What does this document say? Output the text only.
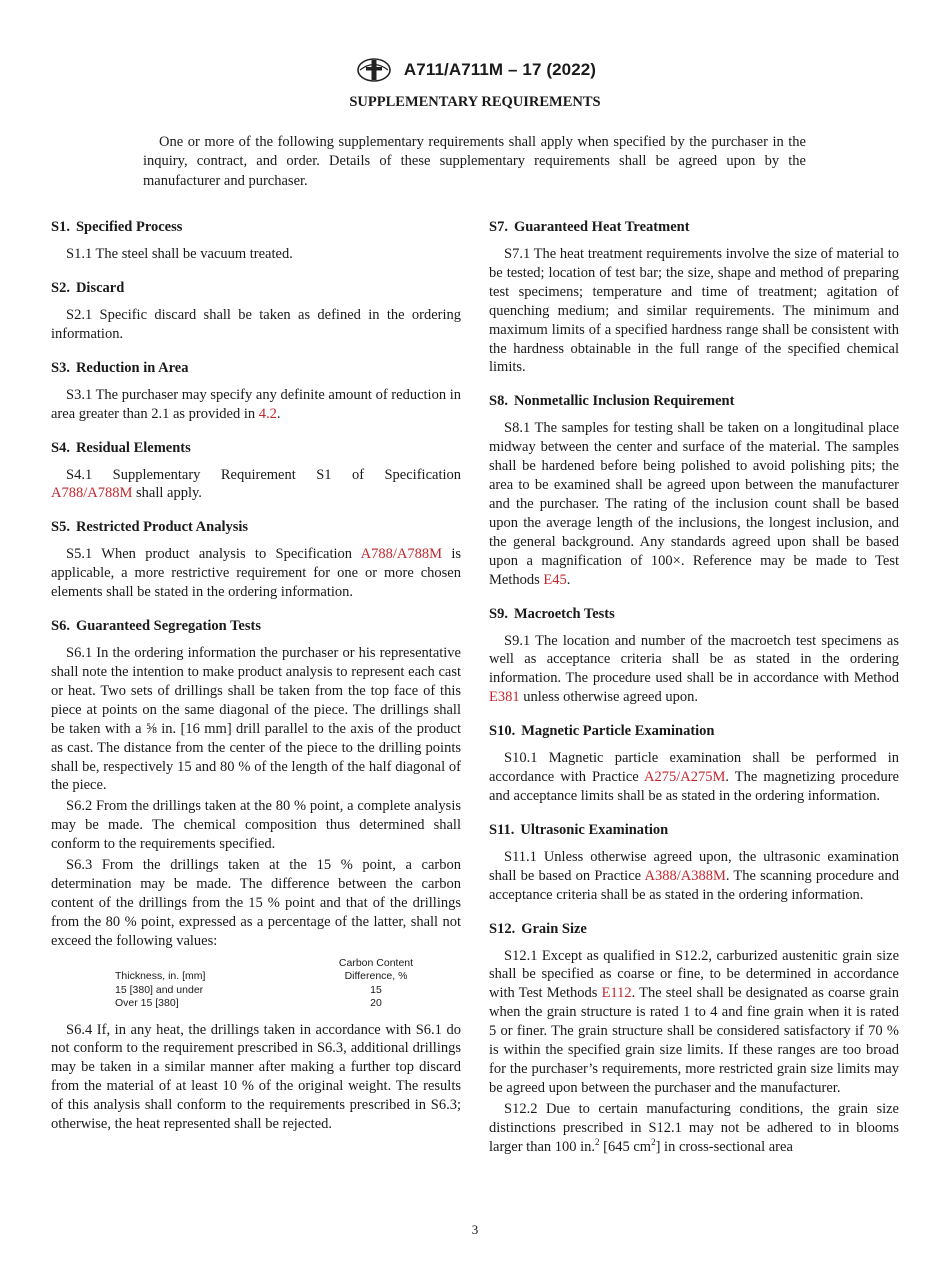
A711/A711M – 17 (2022)
SUPPLEMENTARY REQUIREMENTS
One or more of the following supplementary requirements shall apply when specified by the purchaser in the inquiry, contract, and order. Details of these supplementary requirements shall be agreed upon by the manufacturer and purchaser.
S1. Specified Process

S1.1 The steel shall be vacuum treated.

S2. Discard

S2.1 Specific discard shall be taken as defined in the ordering information.

S3. Reduction in Area

S3.1 The purchaser may specify any definite amount of reduction in area greater than 2.1 as provided in 4.2.

S4. Residual Elements

S4.1 Supplementary Requirement S1 of Specification A788/A788M shall apply.

S5. Restricted Product Analysis

S5.1 When product analysis to Specification A788/A788M is applicable, a more restrictive requirement for one or more chosen elements shall be stated in the ordering information.

S6. Guaranteed Segregation Tests

S6.1 In the ordering information the purchaser or his representative shall note the intention to make product analysis to represent each cast or heat. Two sets of drillings shall be taken from the top face of this piece at points on the same diagonal of the piece. The drillings shall be taken with a ⅝ in. [16 mm] drill parallel to the axis of the product as cast. The distance from the center of the piece to the drilling points shall be, respectively 15 and 80 % of the length of the half diagonal of the piece.

S6.2 From the drillings taken at the 80 % point, a complete analysis may be made. The chemical composition thus determined shall conform to the requirements specified.

S6.3 From the drillings taken at the 15 % point, a carbon determination may be made. The difference between the carbon content of the drillings from the 15 % point and that of the drillings from the 80 % point, expressed as a percentage of the latter, shall not exceed the following values:

Carbon Content
Thickness, in. [mm]	Difference, %
15 [380] and under	15
Over 15 [380]	20

S6.4 If, in any heat, the drillings taken in accordance with S6.1 do not conform to the requirement prescribed in S6.3, additional drillings may be taken in a similar manner after making a further top discard from the material of at least 10 % of the original weight. The results of this analysis shall conform to the requirements prescribed in S6.3; otherwise, the heat represented shall be rejected.

S7. Guaranteed Heat Treatment

S7.1 The heat treatment requirements involve the size of material to be tested; location of test bar; the size, shape and method of preparing test specimens; temperature and time of treatment; agitation of quenching medium; and similar requirements. The minimum and maximum limits of a specified hardness range shall be consistent with the hardness obtainable in the full range of the specified chemical limits.

S8. Nonmetallic Inclusion Requirement

S8.1 The samples for testing shall be taken on a longitudinal place midway between the center and surface of the material. The samples shall be hardened before being polished to avoid polishing pits; the area to be examined shall be agreed upon between the manufacturer and the purchaser. The rating of the inclusion count shall be based upon the average length of the inclusions, the longest inclusion, and the general background. Any standards agreed upon shall be based upon a magnification of 100×. Reference may be made to Test Methods E45.

S9. Macroetch Tests

S9.1 The location and number of the macroetch test specimens as well as acceptance criteria shall be as stated in the ordering information. The procedure used shall be in accordance with Method E381 unless otherwise agreed upon.

S10. Magnetic Particle Examination

S10.1 Magnetic particle examination shall be performed in accordance with Practice A275/A275M. The magnetizing procedure and acceptance limits shall be as stated in the ordering information.

S11. Ultrasonic Examination

S11.1 Unless otherwise agreed upon, the ultrasonic examination shall be based on Practice A388/A388M. The scanning procedure and acceptance criteria shall be as stated in the ordering information.

S12. Grain Size

S12.1 Except as qualified in S12.2, carburized austenitic grain size shall be specified as coarse or fine, to be determined in accordance with Test Methods E112. The steel shall be designated as coarse grain when the grain structure is rated 1 to 4 and fine grain when it is rated 5 or finer. The grain structure shall be considered satisfactory if 70 % is within the specified grain size limits. If these ranges are too broad for the purchaser’s requirements, more restricted grain size limits may be agreed upon between the purchaser and the manufacturer.

S12.2 Due to certain manufacturing conditions, the grain size distinctions prescribed in S12.1 may not be adhered to in blooms larger than 100 in.$^2$ [645 $cm^2$] in cross-sectional area

3
